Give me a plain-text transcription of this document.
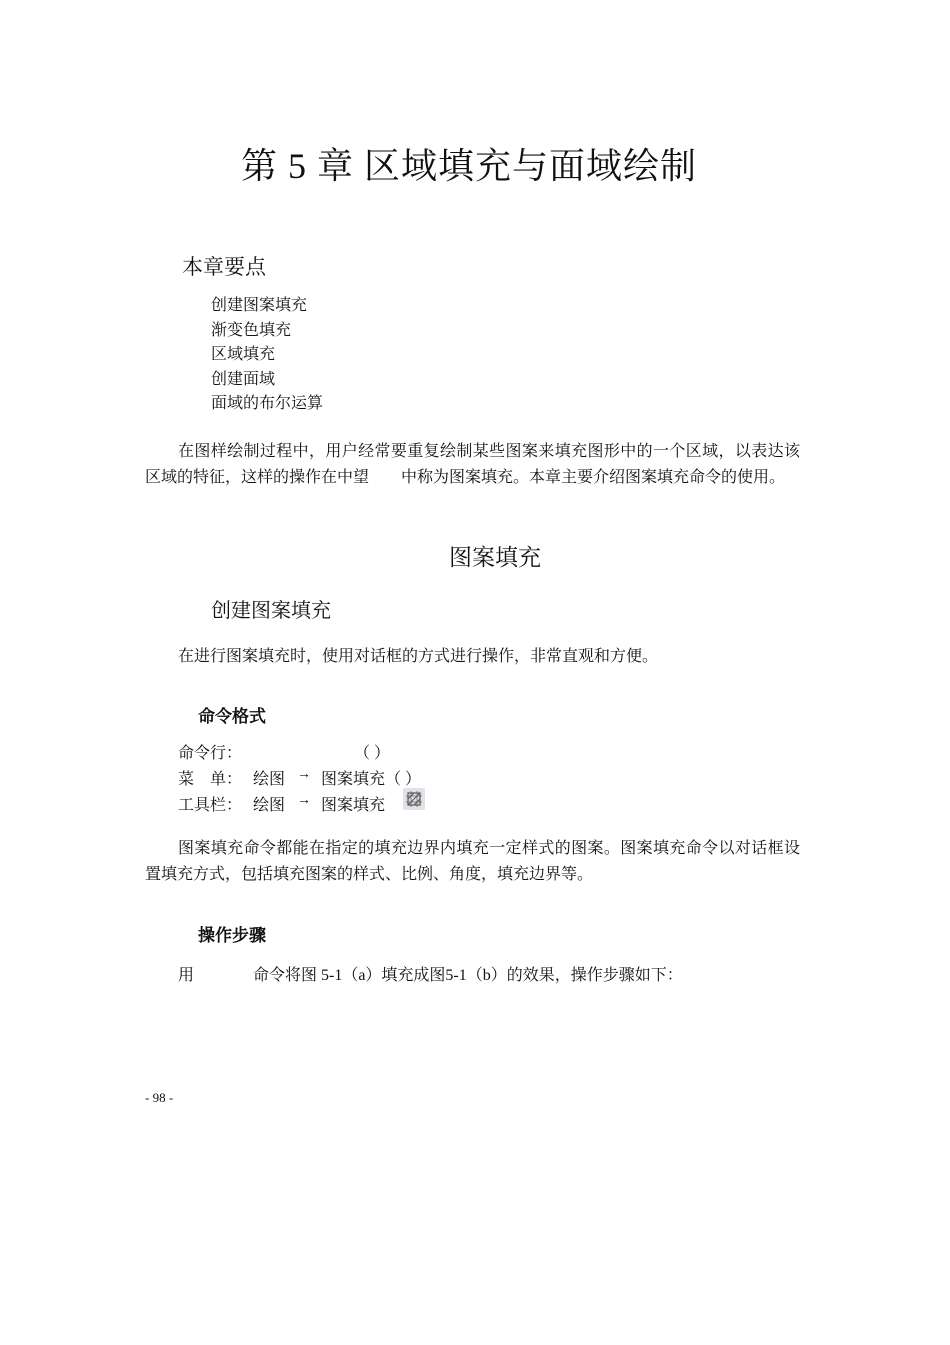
第 5 章 区域填充与面域绘制
本章要点
创建图案填充
渐变色填充
区域填充
创建面域
面域的布尔运算

在图样绘制过程中，用户经常要重复绘制某些图案来填充图形中的一个区域，以表达该区域的特征，这样的操作在中望　　中称为图案填充。本章主要介绍图案填充命令的使用。

图案填充
创建图案填充
在进行图案填充时，使用对话框的方式进行操作，非常直观和方便。
命令格式
命令行：	（ ）
菜　单： 绘图 → 图案填充（ ）
工具栏： 绘图 → 图案填充

图案填充命令都能在指定的填充边界内填充一定样式的图案。图案填充命令以对话框设置填充方式，包括填充图案的样式、比例、角度，填充边界等。

操作步骤
用	命令将图 5-1（a）填充成图5-1（b）的效果，操作步骤如下：
- 98 -
